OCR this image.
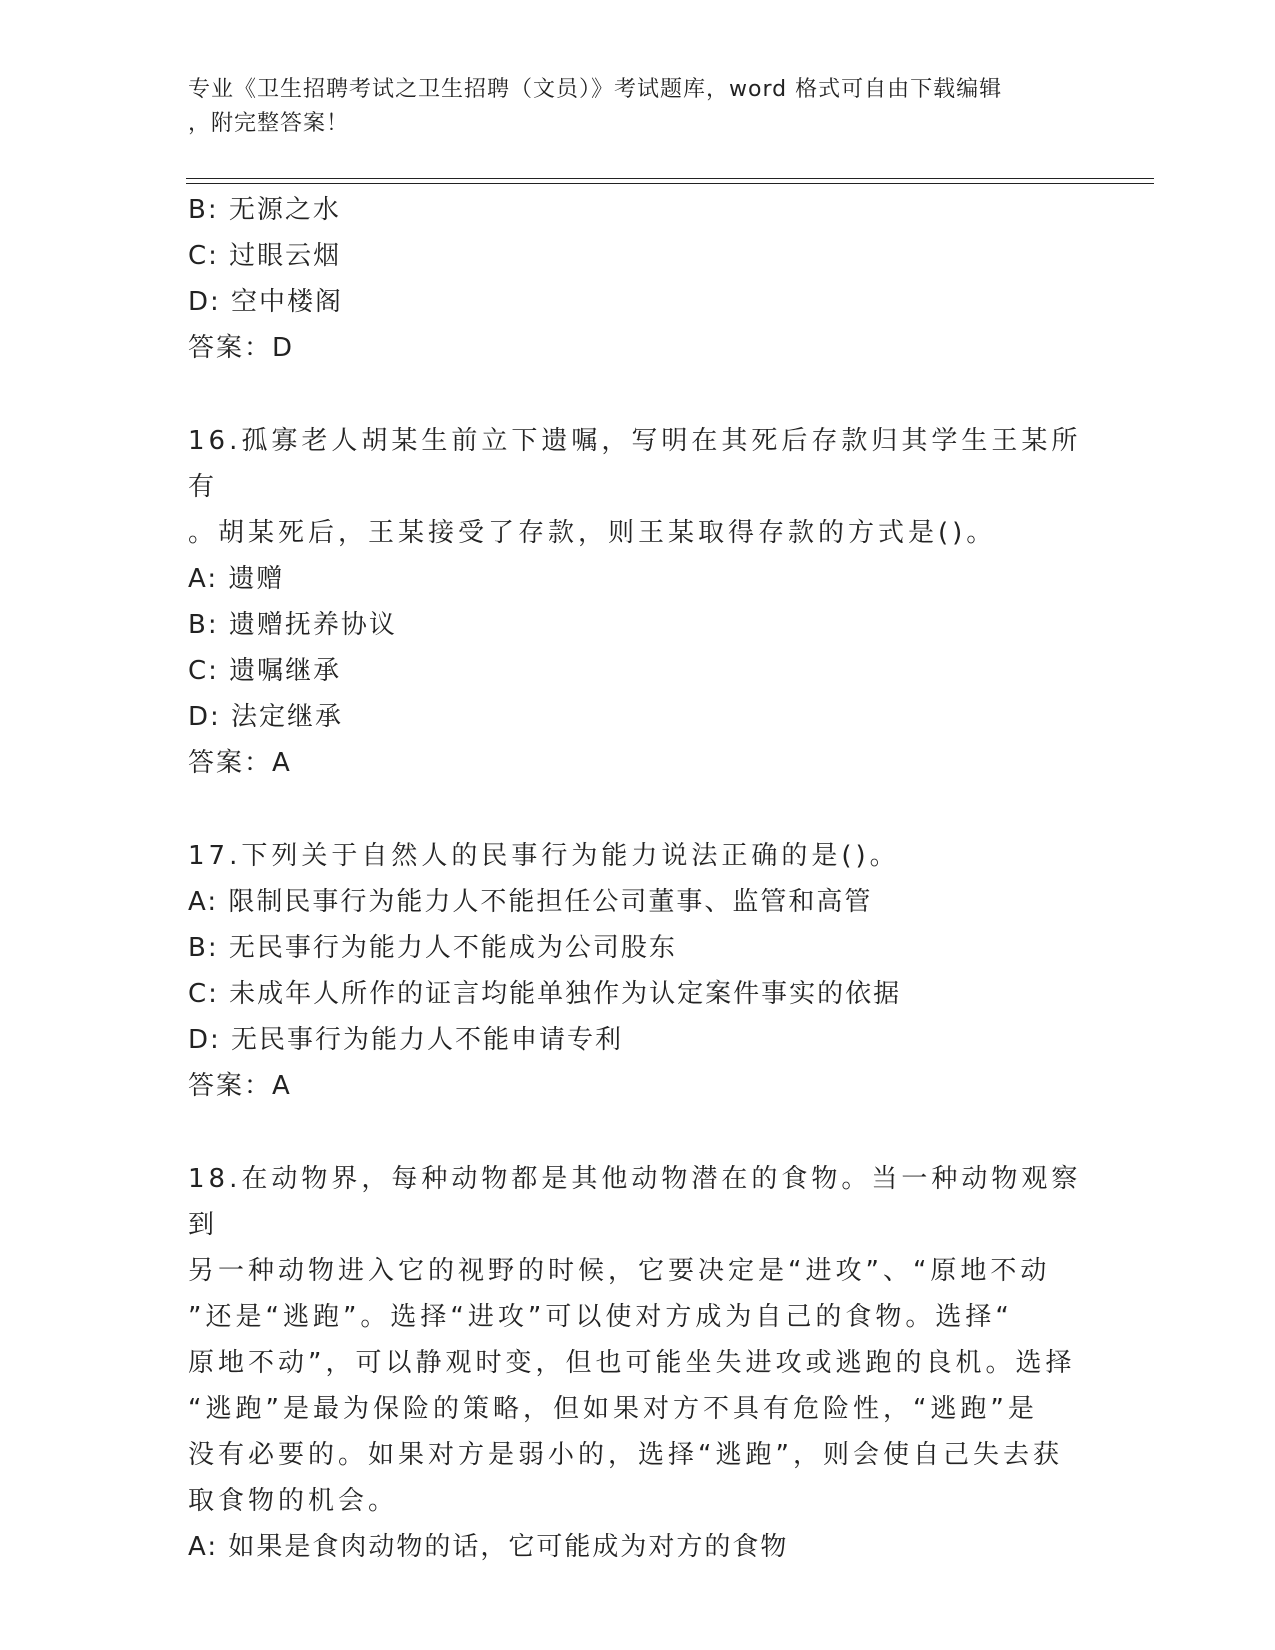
专业《卫生招聘考试之卫生招聘（文员）》考试题库，word 格式可自由下载编辑
，附完整答案！
B: 无源之水
C: 过眼云烟
D: 空中楼阁
答案：D
16.孤寡老人胡某生前立下遗嘱，写明在其死后存款归其学生王某所有
。胡某死后，王某接受了存款，则王某取得存款的方式是()。
A: 遗赠
B: 遗赠抚养协议
C: 遗嘱继承
D: 法定继承
答案：A
17.下列关于自然人的民事行为能力说法正确的是()。
A: 限制民事行为能力人不能担任公司董事、监管和高管
B: 无民事行为能力人不能成为公司股东
C: 未成年人所作的证言均能单独作为认定案件事实的依据
D: 无民事行为能力人不能申请专利
答案：A
18.在动物界，每种动物都是其他动物潜在的食物。当一种动物观察到
另一种动物进入它的视野的时候，它要决定是“进攻”、“原地不动
”还是“逃跑”。选择“进攻”可以使对方成为自己的食物。选择“
原地不动”，可以静观时变，但也可能坐失进攻或逃跑的良机。选择
“逃跑”是最为保险的策略，但如果对方不具有危险性，“逃跑”是
没有必要的。如果对方是弱小的，选择“逃跑”，则会使自己失去获
取食物的机会。
A: 如果是食肉动物的话，它可能成为对方的食物
